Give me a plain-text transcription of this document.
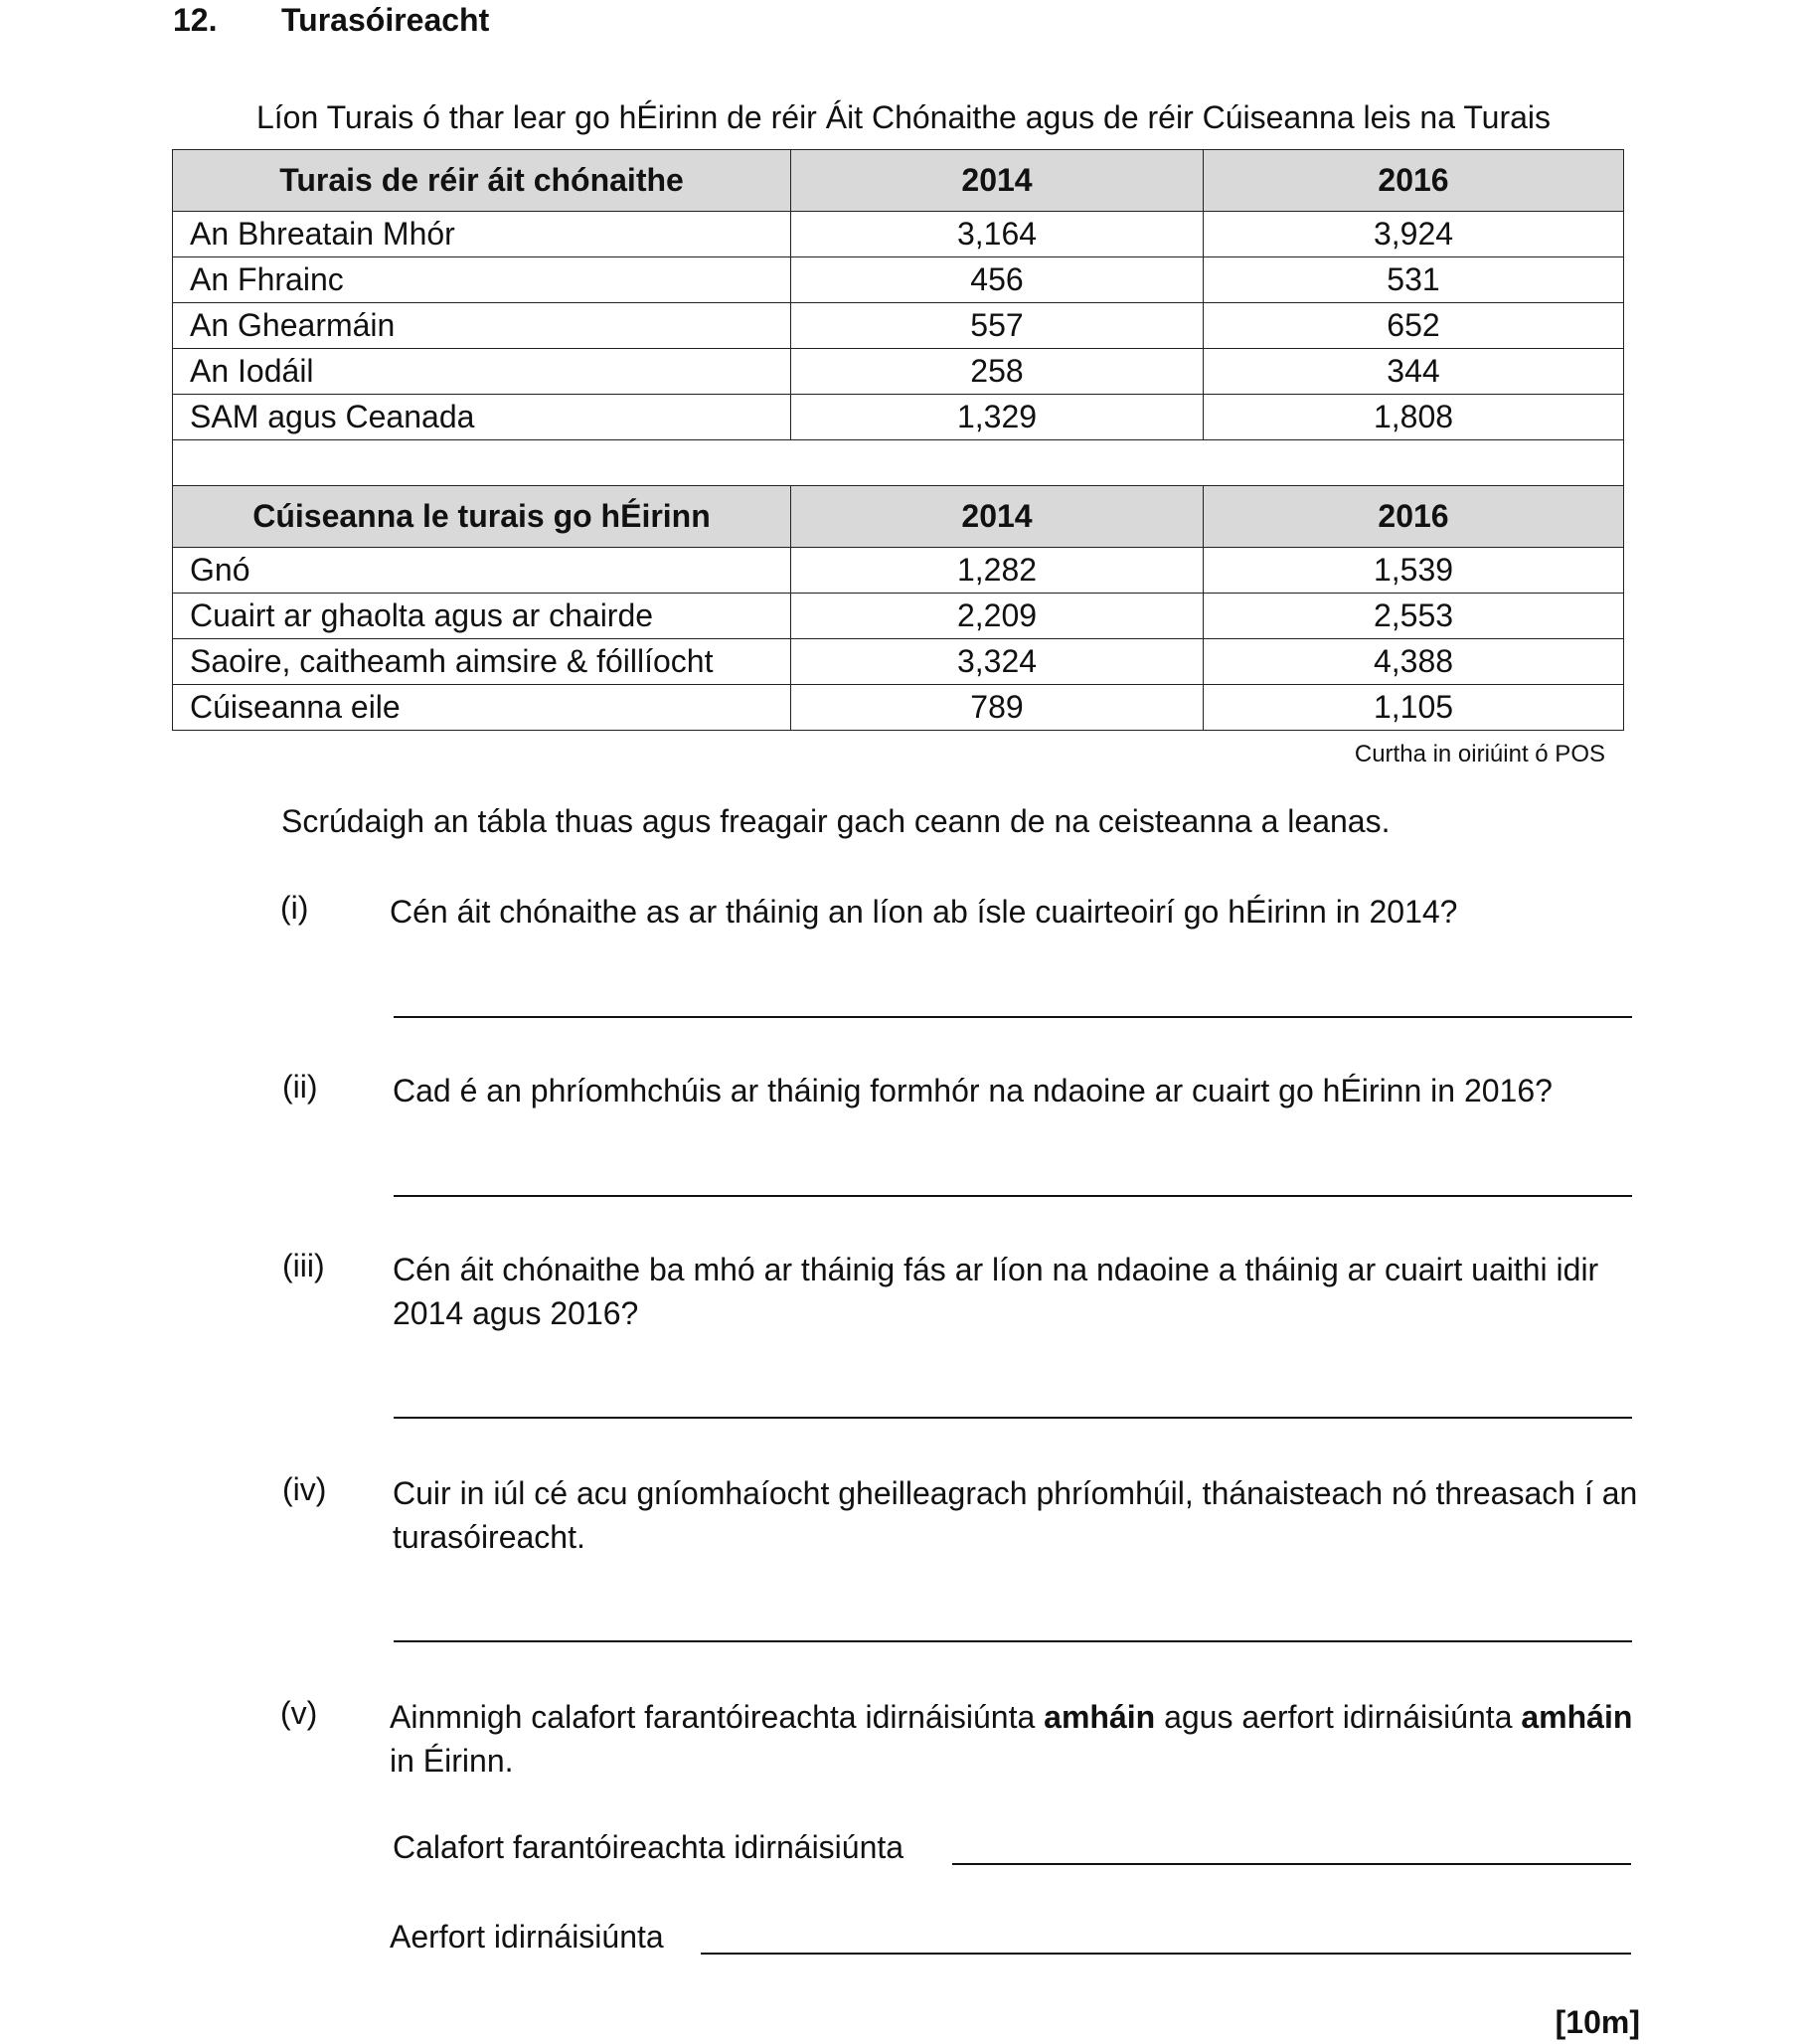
12. Turasóireacht
Líon Turais ó thar lear go hÉirinn de réir Áit Chónaithe agus de réir Cúiseanna leis na Turais
Turais de réir áit chónaithe	2014	2016
An Bhreatain Mhór	3,164	3,924
An Fhrainc	456	531
An Ghearmáin	557	652
An Iodáil	258	344
SAM agus Ceanada	1,329	1,808

Cúiseanna le turais go hÉirinn	2014	2016
Gnó	1,282	1,539
Cuairt ar ghaolta agus ar chairde	2,209	2,553
Saoire, caitheamh aimsire & fóillíocht	3,324	4,388
Cúiseanna eile	789	1,105
Curtha in oiriúint ó POS
Scrúdaigh an tábla thuas agus freagair gach ceann de na ceisteanna a leanas.
(i)	Cén áit chónaithe as ar tháinig an líon ab ísle cuairteoirí go hÉirinn in 2014?
(ii) Cad é an phríomhchúis ar tháinig formhór na ndaoine ar cuairt go hÉirinn in 2016?
(iii) Cén áit chónaithe ba mhó ar tháinig fás ar líon na ndaoine a tháinig ar cuairt uaithi idir 2014 agus 2016?
(iv) Cuir in iúl cé acu gníomhaíocht gheilleagrach phríomhúil, thánaisteach nó threasach í an turasóireacht.
(v) Ainmnigh calafort farantóireachta idirnáisiúnta amháin agus aerfort idirnáisiúnta amháin in Éirinn.
Calafort farantóireachta idirnáisiúnta
Aerfort idirnáisiúnta
[10m]
